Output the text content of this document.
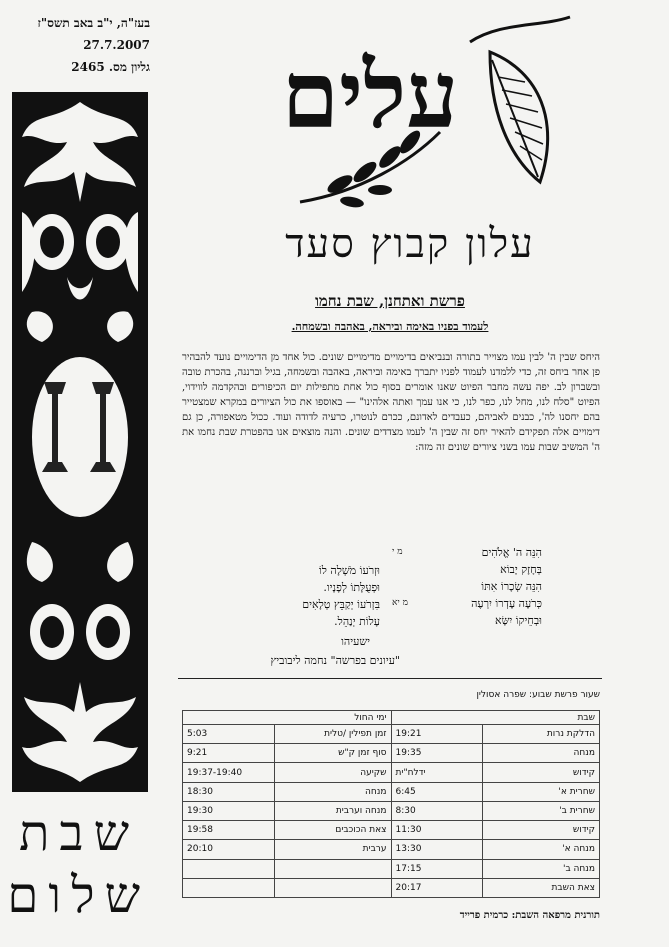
בעז"ה, י"ב באב תשס"ז
27.7.2007
גליון מס. 2465
שבת
שלום
עלים
עלון קבוץ סעד
פרשת ואתחנן, שבת נחמו
לעמוד בפניו באימה וביראה, באהבה ובשמחה.
היחס שבין ה' לבין עמו מצוייר בתורה ובנביאים בדימויים מדימויים שונים. כול אחד מן הדימויים נועד להבהיר פן אחר ביחס זה, כדי ללמדנו לעמוד לפניו יתברך באימה וביראה, באהבה ובשמחה, בגיל וברננה, בהכרת טובה ובשברון לב. יפה עשה מחבר הפיוט שאנו אומרים בסוף כול אחת מתפילות יום הכיפורים ובהקדמה לווידוי, הפיוט "סלח לנו, מחל לנו, כפר לנו, כי אנו עמך ואתה אלהינו" — באוספו את כול הציורים במקרא שמצטייר בהם יחסנו לה', כבנים לאביהם, כעבדים לאדונם, ככרם לנוטרו, כרעיה לדודה ועוד. ככול מטאפורה, כן גם דימויים אלה תפקידם להאיר יחס זה שבין ה' לעמו מצדדים שונים. והנה מוצאים אנו בהפטרת שבת נחמו את ה' המשיב שבות עמו בשני ציורים שונים זה מזה:
הִנֵּה ה' אֱלֹהִים
מ י
בְּחָזָק יָבוֹא
הִנֵּה שְׂכָרוֹ אִתּוֹ
כְּרֹעֶה עֶדְרוֹ יִרְעֶה
מ יא
וּבְחֵיקוֹ יִשָּׂא
וּזְרֹעוֹ מֹשְׁלָה לוֹ
וּפְעֻלָּתוֹ לְפָנָיו.
בִּזְרֹעוֹ יְקַבֵּץ טְלָאִים
עָלוֹת יְנַהֵל.
ישעיהו
"עיונים בפרשה" נחמה ליבוביץ
שעור פרשת שבוע: שפרה אסולין
שבת		ימי החול	
הדלקת נרות	19:21	זמן תפילין /טלית	5:03
מנחה	19:35	סוף זמן ק"ש	9:21
קידוש	ידלח"ית	שקיעה	19:37-19:40
שחרית א'	6:45	מנחה	18:30
שחרית ב'	8:30	מנחה וערבית	19:30
קידוש	11:30	צאת הכוכבים	19:58
מנחה א'	13:30	ערבית	20:10
מנחה ב'	17:15		
צאת השבת	20:17		
תורנית מרפאה השבת: כרמית פרייד
